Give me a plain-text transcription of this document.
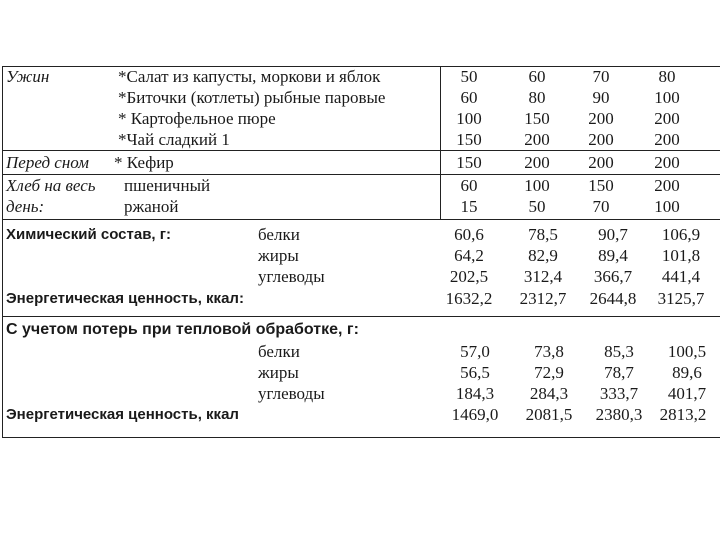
Ужин	*Салат из капусты, моркови и яблок	50	60	70	80
*Биточки (котлеты) рыбные паровые	60	80	90	100
* Картофельное пюре	100	150	200	200
*Чай сладкий 1	150	200	200	200
Перед сном * Кефир	150	200	200	200
Хлеб на весь
день:
пшеничный	60	100	150	200
ржаной	15	50	70	100
Химический состав, г:	белки	60,6	78,5	90,7	106,9
жиры	64,2	82,9	89,4	101,8
углеводы	202,5	312,4	366,7	441,4
Энергетическая ценность, ккал:	1632,2	2312,7	2644,8	3125,7
С учетом потерь при тепловой обработке, г:
белки	57,0	73,8	85,3	100,5
жиры	56,5	72,9	78,7	89,6
углеводы	184,3	284,3	333,7	401,7
Энергетическая ценность, ккал	1469,0	2081,5	2380,3	2813,2
